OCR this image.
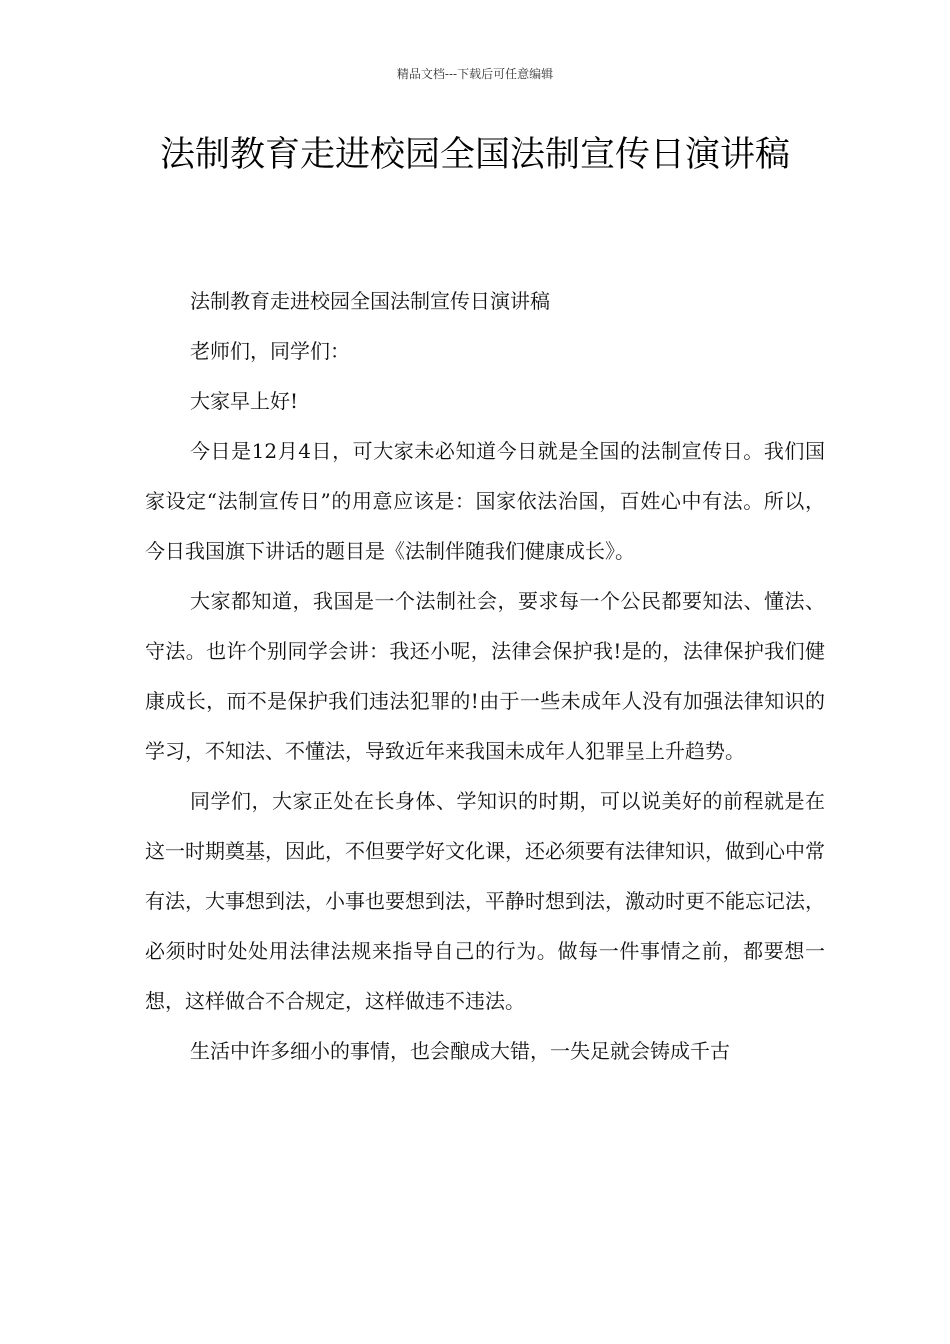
精品文档---下载后可任意编辑
法制教育走进校园全国法制宣传日演讲稿

法制教育走进校园全国法制宣传日演讲稿

老师们，同学们：

大家早上好!

今日是12月4日，可大家未必知道今日就是全国的法制宣传日。我们国家设定“法制宣传日”的用意应该是：国家依法治国，百姓心中有法。所以，今日我国旗下讲话的题目是《法制伴随我们健康成长》。

大家都知道，我国是一个法制社会，要求每一个公民都要知法、懂法、守法。也许个别同学会讲：我还小呢，法律会保护我!是的，法律保护我们健康成长，而不是保护我们违法犯罪的!由于一些未成年人没有加强法律知识的学习，不知法、不懂法，导致近年来我国未成年人犯罪呈上升趋势。

同学们，大家正处在长身体、学知识的时期，可以说美好的前程就是在这一时期奠基，因此，不但要学好文化课，还必须要有法律知识，做到心中常有法，大事想到法，小事也要想到法，平静时想到法，激动时更不能忘记法，必须时时处处用法律法规来指导自己的行为。做每一件事情之前，都要想一想，这样做合不合规定，这样做违不违法。

生活中许多细小的事情，也会酿成大错，一失足就会铸成千古
